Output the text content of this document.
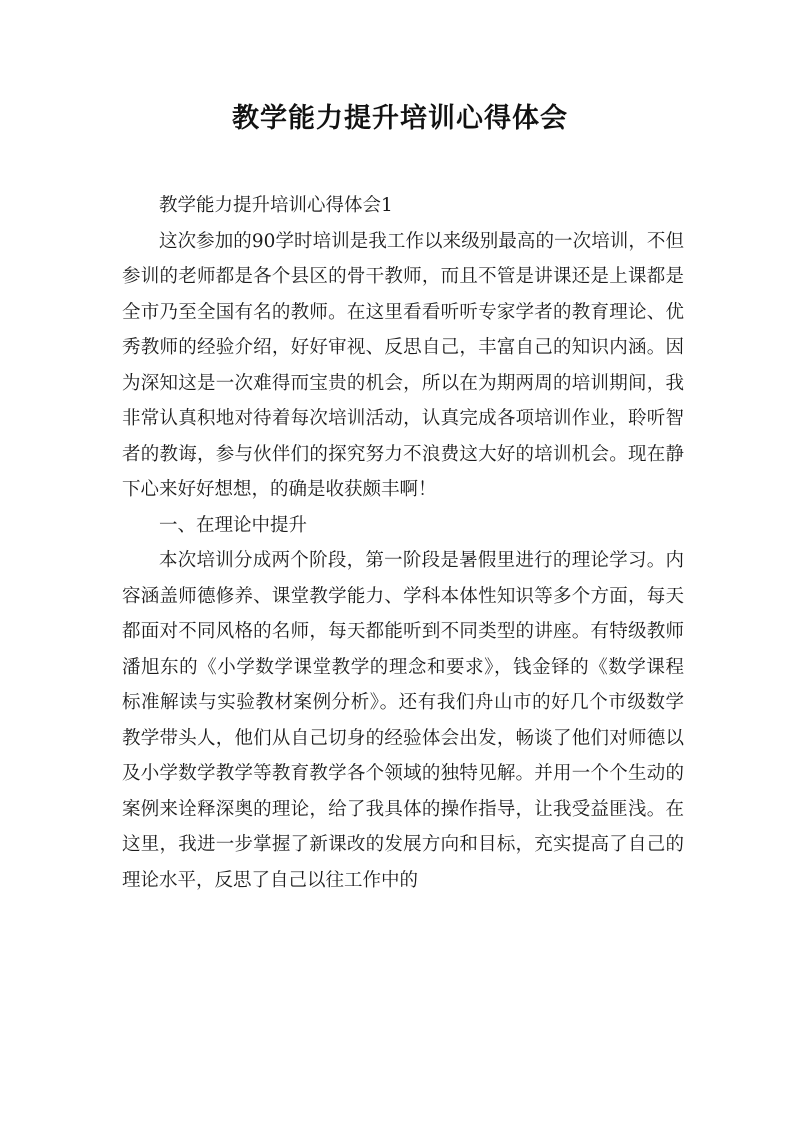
教学能力提升培训心得体会

教学能力提升培训心得体会1

这次参加的90学时培训是我工作以来级别最高的一次培训，不但参训的老师都是各个县区的骨干教师，而且不管是讲课还是上课都是全市乃至全国有名的教师。在这里看看听听专家学者的教育理论、优秀教师的经验介绍，好好审视、反思自己，丰富自己的知识内涵。因为深知这是一次难得而宝贵的机会，所以在为期两周的培训期间，我非常认真积地对待着每次培训活动，认真完成各项培训作业，聆听智者的教诲，参与伙伴们的探究努力不浪费这大好的培训机会。现在静下心来好好想想，的确是收获颇丰啊！

一、在理论中提升

本次培训分成两个阶段，第一阶段是暑假里进行的理论学习。内容涵盖师德修养、课堂教学能力、学科本体性知识等多个方面，每天都面对不同风格的名师，每天都能听到不同类型的讲座。有特级教师潘旭东的《小学数学课堂教学的理念和要求》，钱金铎的《数学课程标准解读与实验教材案例分析》。还有我们舟山市的好几个市级数学教学带头人，他们从自己切身的经验体会出发，畅谈了他们对师德以及小学数学教学等教育教学各个领域的独特见解。并用一个个生动的案例来诠释深奥的理论，给了我具体的操作指导，让我受益匪浅。在这里，我进一步掌握了新课改的发展方向和目标，充实提高了自己的理论水平，反思了自己以往工作中的
